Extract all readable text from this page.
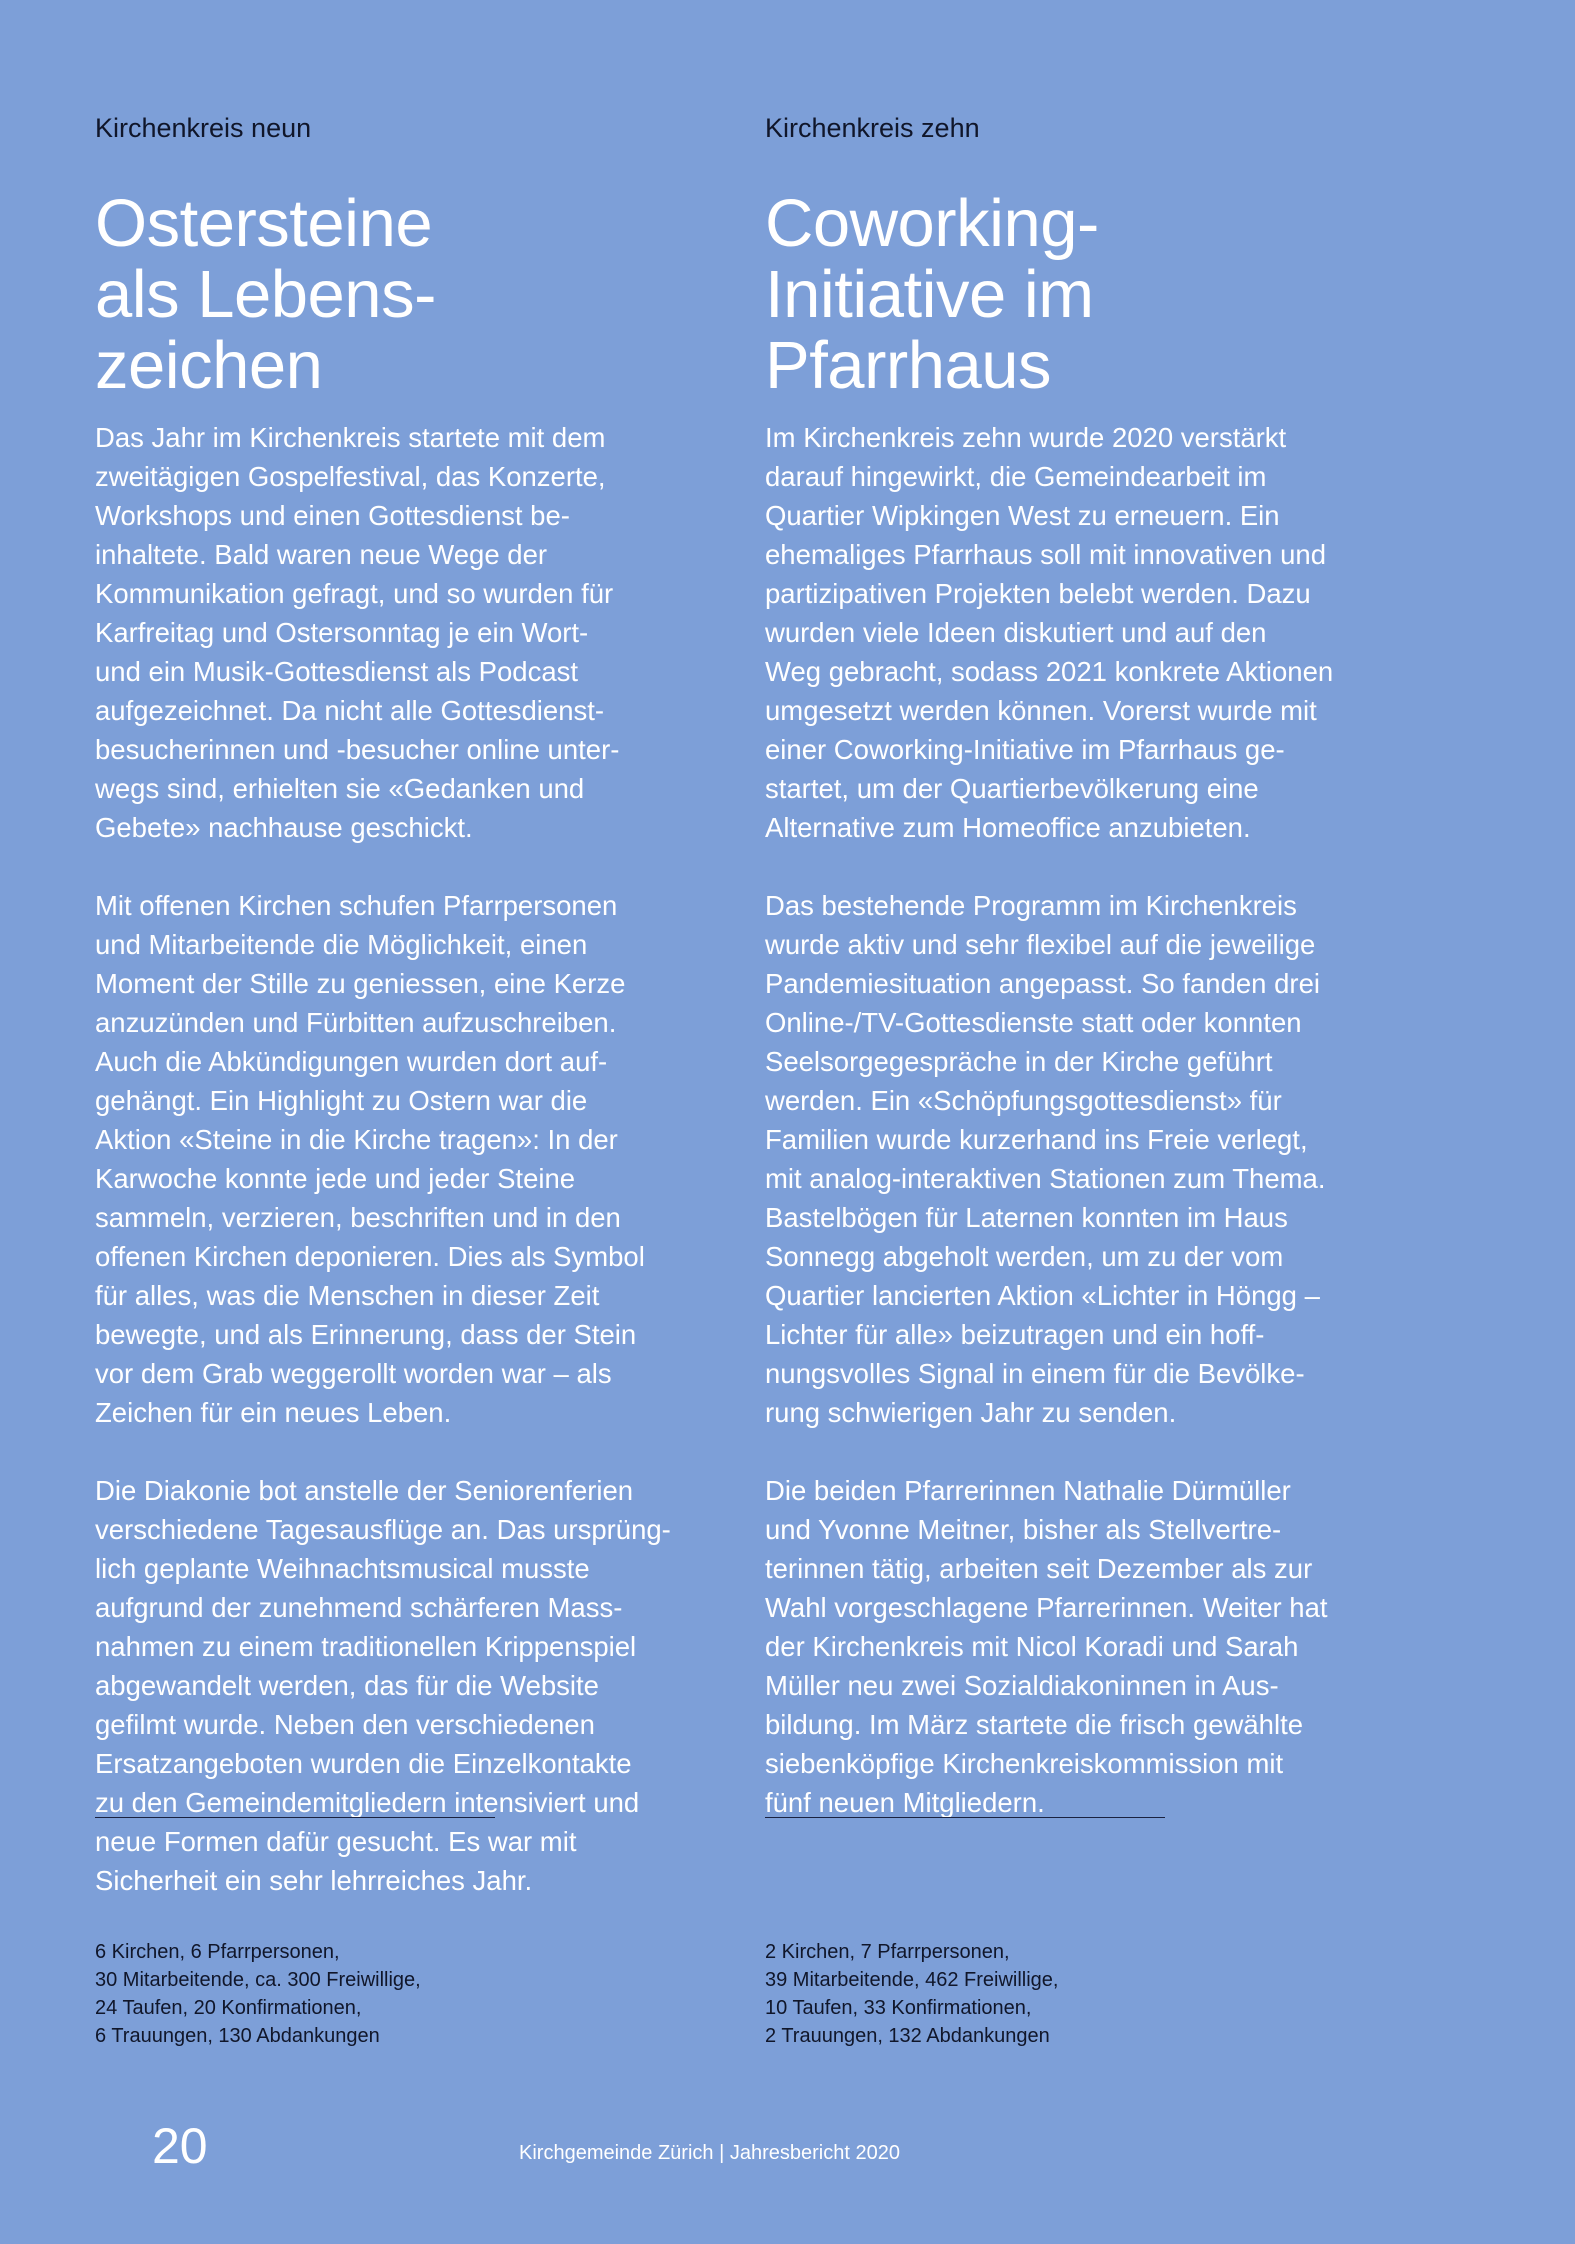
Kirchenkreis neun

Ostersteine
als Lebens-
zeichen

Das Jahr im Kirchenkreis startete mit dem
zweitägigen Gospelfestival, das Konzerte,
Workshops und einen Gottesdienst be-
inhaltete. Bald waren neue Wege der
Kommunikation gefragt, und so wurden für
Karfreitag und Ostersonntag je ein Wort-
und ein Musik-Gottesdienst als Podcast
aufgezeichnet. Da nicht alle Gottesdienst-
besucherinnen und -besucher online unter-
wegs sind, erhielten sie «Gedanken und
Gebete» nachhause geschickt.

Mit offenen Kirchen schufen Pfarrpersonen
und Mitarbeitende die Möglichkeit, einen
Moment der Stille zu geniessen, eine Kerze
anzuzünden und Fürbitten aufzuschreiben.
Auch die Abkündigungen wurden dort auf-
gehängt. Ein Highlight zu Ostern war die
Aktion «Steine in die Kirche tragen»: In der
Karwoche konnte jede und jeder Steine
sammeln, verzieren, beschriften und in den
offenen Kirchen deponieren. Dies als Symbol
für alles, was die Menschen in dieser Zeit
bewegte, und als Erinnerung, dass der Stein
vor dem Grab weggerollt worden war – als
Zeichen für ein neues Leben.

Die Diakonie bot anstelle der Seniorenferien
verschiedene Tagesausflüge an. Das ursprüng-
lich geplante Weihnachtsmusical musste
aufgrund der zunehmend schärferen Mass-
nahmen zu einem traditionellen Krippenspiel
abgewandelt werden, das für die Website
gefilmt wurde. Neben den verschiedenen
Ersatzangeboten wurden die Einzelkontakte
zu den Gemeindemitgliedern intensiviert und
neue Formen dafür gesucht. Es war mit
Sicherheit ein sehr lehrreiches Jahr.

Kirchenkreis zehn

Coworking-
Initiative im
Pfarrhaus

Im Kirchenkreis zehn wurde 2020 verstärkt
darauf hingewirkt, die Gemeindearbeit im
Quartier Wipkingen West zu erneuern. Ein
ehemaliges Pfarrhaus soll mit innovativen und
partizipativen Projekten belebt werden. Dazu
wurden viele Ideen diskutiert und auf den
Weg gebracht, sodass 2021 konkrete Aktionen
umgesetzt werden können. Vorerst wurde mit
einer Coworking-Initiative im Pfarrhaus ge-
startet, um der Quartierbevölkerung eine
Alternative zum Homeoffice anzubieten.

Das bestehende Programm im Kirchenkreis
wurde aktiv und sehr flexibel auf die jeweilige
Pandemiesituation angepasst. So fanden drei
Online-/TV-Gottesdienste statt oder konnten
Seelsorgegespräche in der Kirche geführt
werden. Ein «Schöpfungsgottesdienst» für
Familien wurde kurzerhand ins Freie verlegt,
mit analog-interaktiven Stationen zum Thema.
Bastelbögen für Laternen konnten im Haus
Sonnegg abgeholt werden, um zu der vom
Quartier lancierten Aktion «Lichter in Höngg –
Lichter für alle» beizutragen und ein hoff-
nungsvolles Signal in einem für die Bevölke-
rung schwierigen Jahr zu senden.

Die beiden Pfarrerinnen Nathalie Dürmüller
und Yvonne Meitner, bisher als Stellvertre-
terinnen tätig, arbeiten seit Dezember als zur
Wahl vorgeschlagene Pfarrerinnen. Weiter hat
der Kirchenkreis mit Nicol Koradi und Sarah
Müller neu zwei Sozialdiakoninnen in Aus-
bildung. Im März startete die frisch gewählte
siebenköpfige Kirchenkreiskommission mit
fünf neuen Mitgliedern.

6 Kirchen, 6 Pfarrpersonen,
30 Mitarbeitende, ca. 300 Freiwillige,
24 Taufen, 20 Konfirmationen,
6 Trauungen, 130 Abdankungen

2 Kirchen, 7 Pfarrpersonen,
39 Mitarbeitende, 462 Freiwillige,
10 Taufen, 33 Konfirmationen,
2 Trauungen, 132 Abdankungen

20	Kirchgemeinde Zürich | Jahresbericht 2020
